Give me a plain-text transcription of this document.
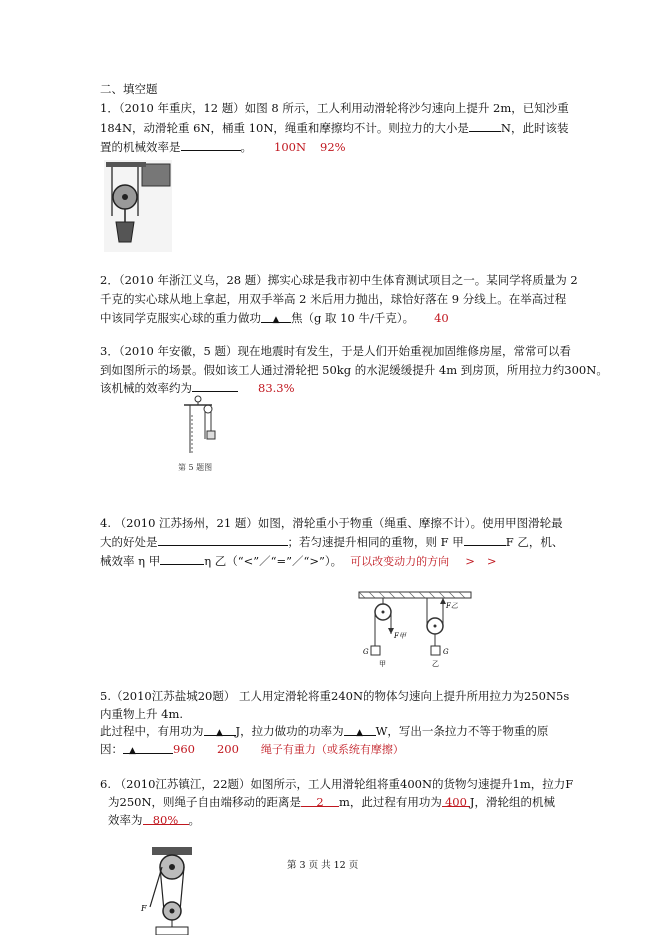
二、填空题
1．（2010 年重庆，12 题）如图 8 所示，工人利用动滑轮将沙匀速向上提升 2m，已知沙重
184N，动滑轮重 6N，桶重 10N，绳重和摩擦均不计。则拉力的大小是	N，此时该装
置的机械效率是	。 100N 92%
2．（2010 年浙江义乌，28 题）掷实心球是我市初中生体育测试项目之一。某同学将质量为 2
千克的实心球从地上拿起，用双手举高 2 米后用力抛出，球恰好落在 9 分线上。在举高过程
中该同学克服实心球的重力做功 ▲ 焦（g 取 10 牛/千克）。 40
3．（2010 年安徽，5 题）现在地震时有发生，于是人们开始重视加固维修房屋，常常可以看
到如图所示的场景。假如该工人通过滑轮把 50kg 的水泥缓缓提升 4m 到房顶，所用拉力约300N。
该机械的效率约为	83.3%
第 5 题图
4. （2010 江苏扬州，21 题）如图，滑轮重小于物重（绳重、摩擦不计）。使用甲图滑轮最
大的好处是	；若匀速提升相同的重物，则 F 甲	F 乙，机、
械效率 η 甲	η 乙（“<”／“=”／“>”）。 可以改变动力的方向 > >
F甲
F乙
G	G
甲	乙
5.（2010江苏盐城20题） 工人用定滑轮将重240N的物体匀速向上提升所用拉力为250N5s
内重物上升 4m.
此过程中，有用功为 ▲ J，拉力做功的功率为 ▲ W，写出一条拉力不等于物重的原
因： ▲	960 200 绳子有重力（或系统有摩擦）
6. （2010江苏镇江，22题）如图所示，工人用滑轮组将重400N的货物匀速提升1m，拉力F
为250N，则绳子自由端移动的距离是 2 m，此过程有用功为 400 J，滑轮组的机械
效率为 80% 。
F
第 3 页 共 12 页
